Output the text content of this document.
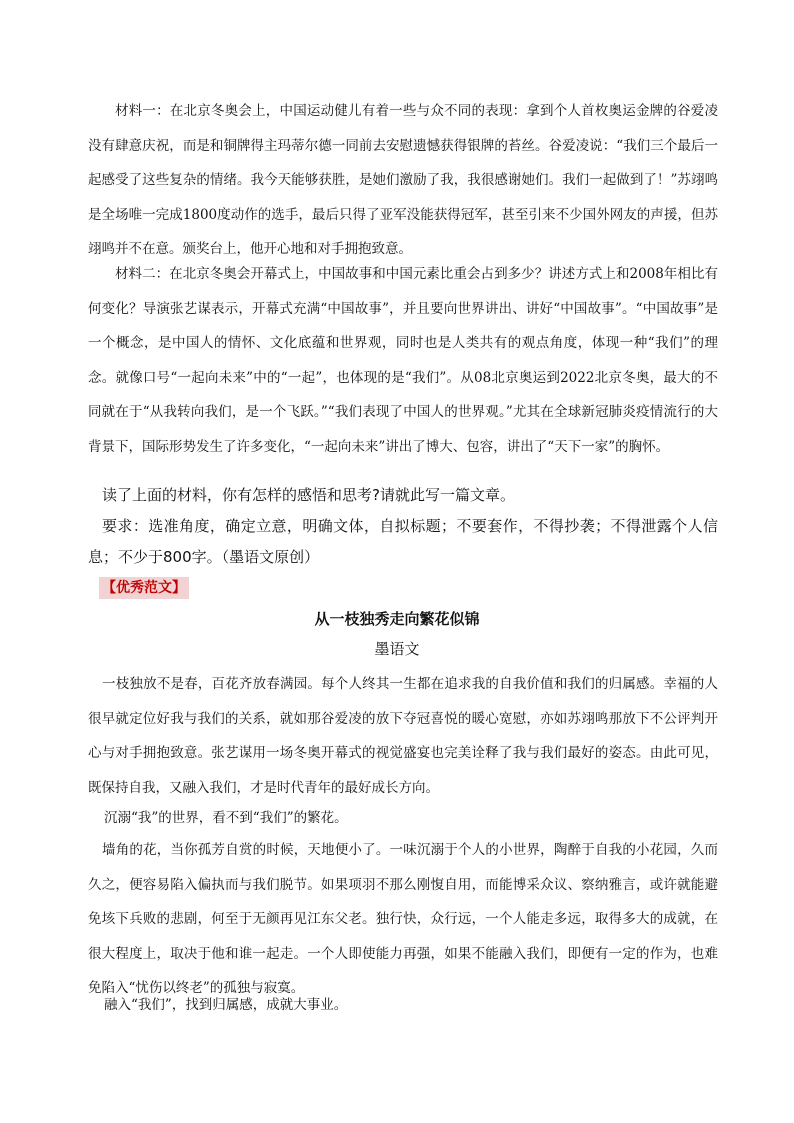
材料一：在北京冬奥会上，中国运动健儿有着一些与众不同的表现：拿到个人首枚奥运金牌的谷爱凌没有肆意庆祝，而是和铜牌得主玛蒂尔德一同前去安慰遗憾获得银牌的苔丝。谷爱凌说：“我们三个最后一起感受了这些复杂的情绪。我今天能够获胜，是她们激励了我，我很感谢她们。我们一起做到了！”苏翊鸣是全场唯一完成1800度动作的选手，最后只得了亚军没能获得冠军，甚至引来不少国外网友的声援，但苏翊鸣并不在意。颁奖台上，他开心地和对手拥抱致意。

材料二：在北京冬奥会开幕式上，中国故事和中国元素比重会占到多少？讲述方式上和2008年相比有何变化？导演张艺谋表示，开幕式充满“中国故事”，并且要向世界讲出、讲好“中国故事”。“中国故事”是一个概念，是中国人的情怀、文化底蕴和世界观，同时也是人类共有的观点角度，体现一种“我们”的理念。就像口号“一起向未来”中的“一起”，也体现的是“我们”。从08北京奥运到2022北京冬奥，最大的不同就在于“从我转向我们，是一个飞跃。”“我们表现了中国人的世界观。”尤其在全球新冠肺炎疫情流行的大背景下，国际形势发生了许多变化，“一起向未来”讲出了博大、包容，讲出了“天下一家”的胸怀。

读了上面的材料，你有怎样的感悟和思考?请就此写一篇文章。

要求：选准角度，确定立意，明确文体，自拟标题；不要套作，不得抄袭；不得泄露个人信息；不少于800字。（墨语文原创）

【优秀范文】
从一枝独秀走向繁花似锦

墨语文

一枝独放不是春，百花齐放春满园。每个人终其一生都在追求我的自我价值和我们的归属感。幸福的人很早就定位好我与我们的关系，就如那谷爱凌的放下夺冠喜悦的暖心宽慰，亦如苏翊鸣那放下不公评判开心与对手拥抱致意。张艺谋用一场冬奥开幕式的视觉盛宴也完美诠释了我与我们最好的姿态。由此可见，既保持自我，又融入我们，才是时代青年的最好成长方向。

沉溺“我”的世界，看不到“我们”的繁花。

墙角的花，当你孤芳自赏的时候，天地便小了。一味沉溺于个人的小世界，陶醉于自我的小花园，久而久之，便容易陷入偏执而与我们脱节。如果项羽不那么刚愎自用，而能博采众议、察纳雅言，或许就能避免垓下兵败的悲剧，何至于无颜再见江东父老。独行快，众行远，一个人能走多远，取得多大的成就，在很大程度上，取决于他和谁一起走。一个人即使能力再强，如果不能融入我们，即便有一定的作为，也难免陷入“忧伤以终老”的孤独与寂寞。

融入“我们”，找到归属感，成就大事业。
